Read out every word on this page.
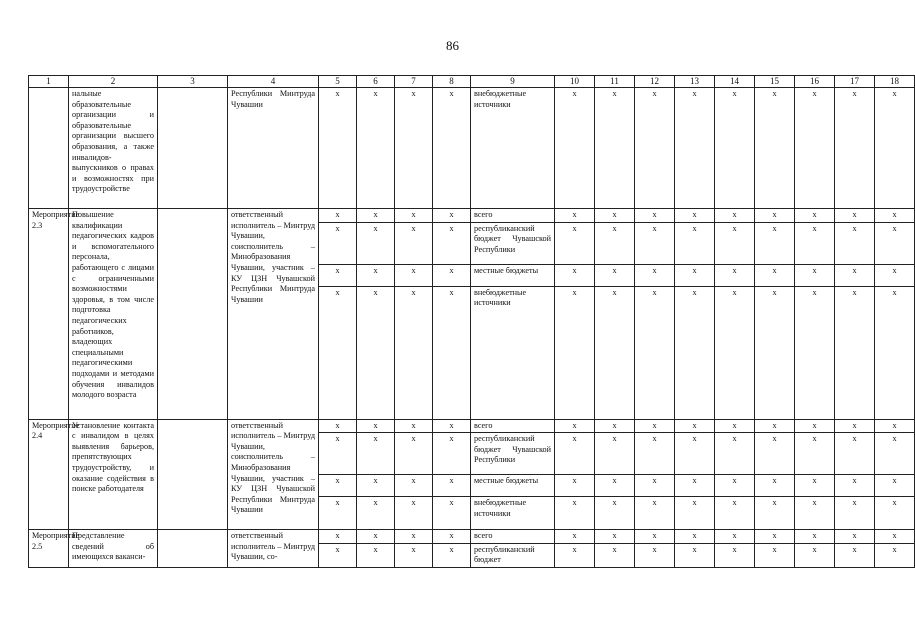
86
1	2	3	4	5	6	7	8	9	10	11	12	13	14	15	16	17	18
	нальные образовательные организации и образовательные организации высшего образования, а также инвалидов-выпускников о правах и возможностях при трудоустройстве		Республики Минтруда Чувашии	x	x	x	x	внебюджетные источники	x	x	x	x	x	x	x	x	x
Мероприятие 2.3	Повышение квалификации педагогических кадров и вспомогательного персонала, работающего с лицами с ограниченными возможностями здоровья, в том числе подготовка педагогических работников, владеющих специальными педагогическими подходами и методами обучения инвалидов молодого возраста		ответственный исполнитель – Минтруд Чувашии, соисполнитель – Минобразования Чувашии, участник – КУ ЦЗН Чувашской Республики Минтруда Чувашии	x	x	x	x	всего	x	x	x	x	x	x	x	x	x
				x	x	x	x	республиканский бюджет Чувашской Республики	x	x	x	x	x	x	x	x	x
				x	x	x	x	местные бюджеты	x	x	x	x	x	x	x	x	x
				x	x	x	x	внебюджетные источники	x	x	x	x	x	x	x	x	x
Мероприятие 2.4	Установление контакта с инвалидом в целях выявления барьеров, препятствующих трудоустройству, и оказание содействия в поиске работодателя		ответственный исполнитель – Минтруд Чувашии, соисполнитель – Минобразования Чувашии, участник – КУ ЦЗН Чувашской Республики Минтруда Чувашии	x	x	x	x	всего	x	x	x	x	x	x	x	x	x
				x	x	x	x	республиканский бюджет Чувашской Республики	x	x	x	x	x	x	x	x	x
				x	x	x	x	местные бюджеты	x	x	x	x	x	x	x	x	x
				x	x	x	x	внебюджетные источники	x	x	x	x	x	x	x	x	x
Мероприятие 2.5	Представление сведений об имеющихся ваканси-		ответственный исполнитель – Минтруд Чувашии, со-	x	x	x	x	всего	x	x	x	x	x	x	x	x	x
				x	x	x	x	республиканский бюджет	x	x	x	x	x	x	x	x	x
